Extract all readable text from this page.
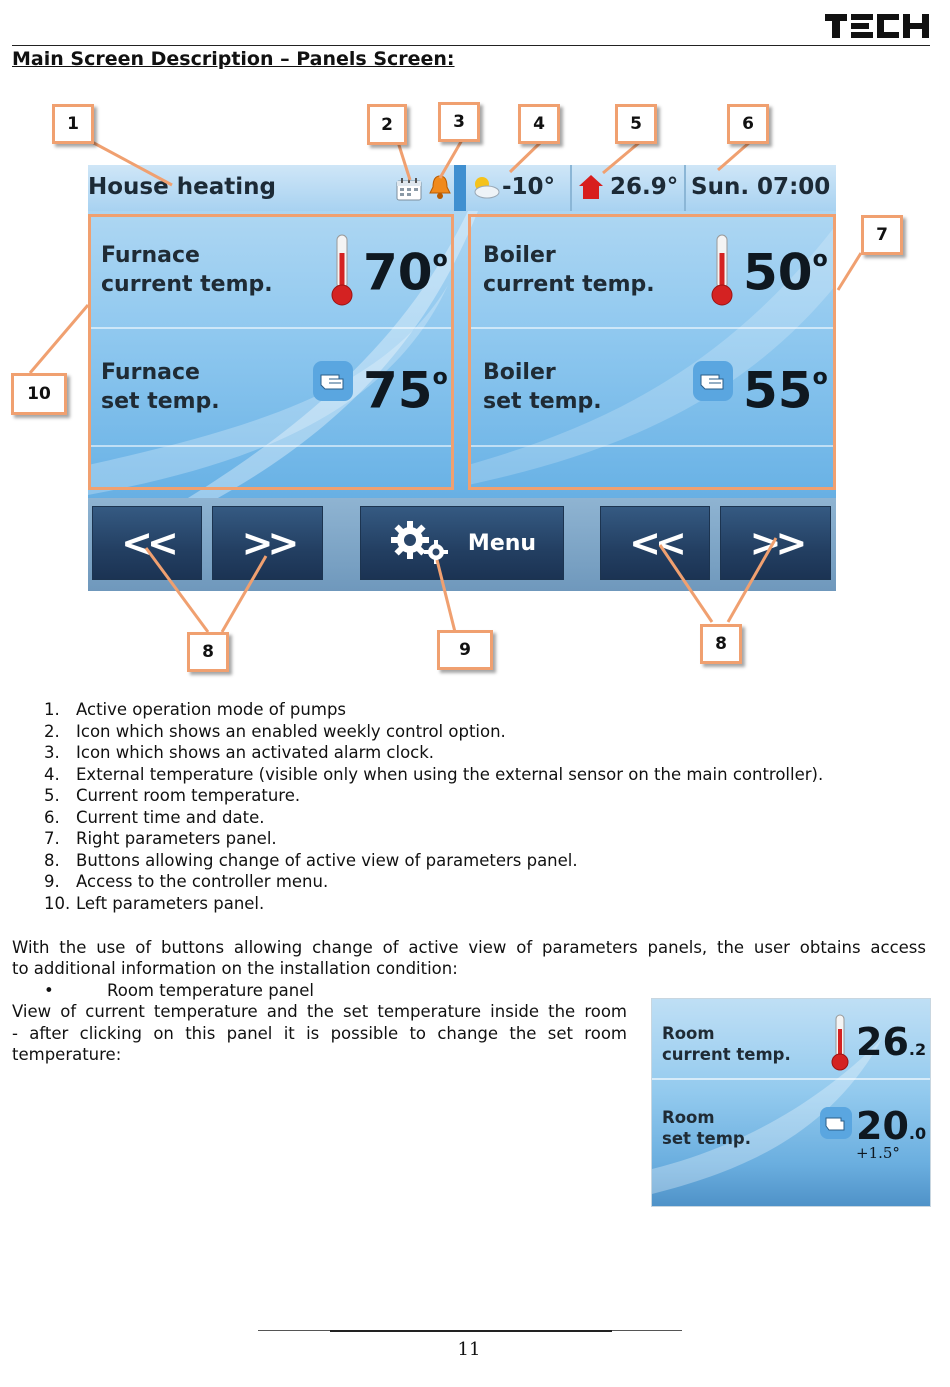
Main Screen Description – Panels Screen:
House heating	-10° 26.9° Sun. 07:00
Furnace
current temp. 70$^o$
Furnace
set temp.	75$^o$
Boiler
current temp. 50$^o$
Boiler
set temp.	$55^o$
<< >>	Menu << >>
1	2	3	4	5	6
7
8	8
9
10
1. Active operation mode of pumps
2. Icon which shows an enabled weekly control option.
3. Icon which shows an activated alarm clock.
4. External temperature (visible only when using the external sensor on the main controller).
5. Current room temperature.
6. Current time and date.
7. Right parameters panel.
8. Buttons allowing change of active view of parameters panel.
9. Access to the controller menu.
10. Left parameters panel.
With the use of buttons allowing change of active view of parameters panels, the user obtains access
to additional information on the installation condition:
•	Room temperature panel
View of current temperature and the set temperature inside the room
- after clicking on this panel it is possible to change the set room
temperature:
Room
current temp. 26.2
Room
set temp.	20.0
+1.5°
11
